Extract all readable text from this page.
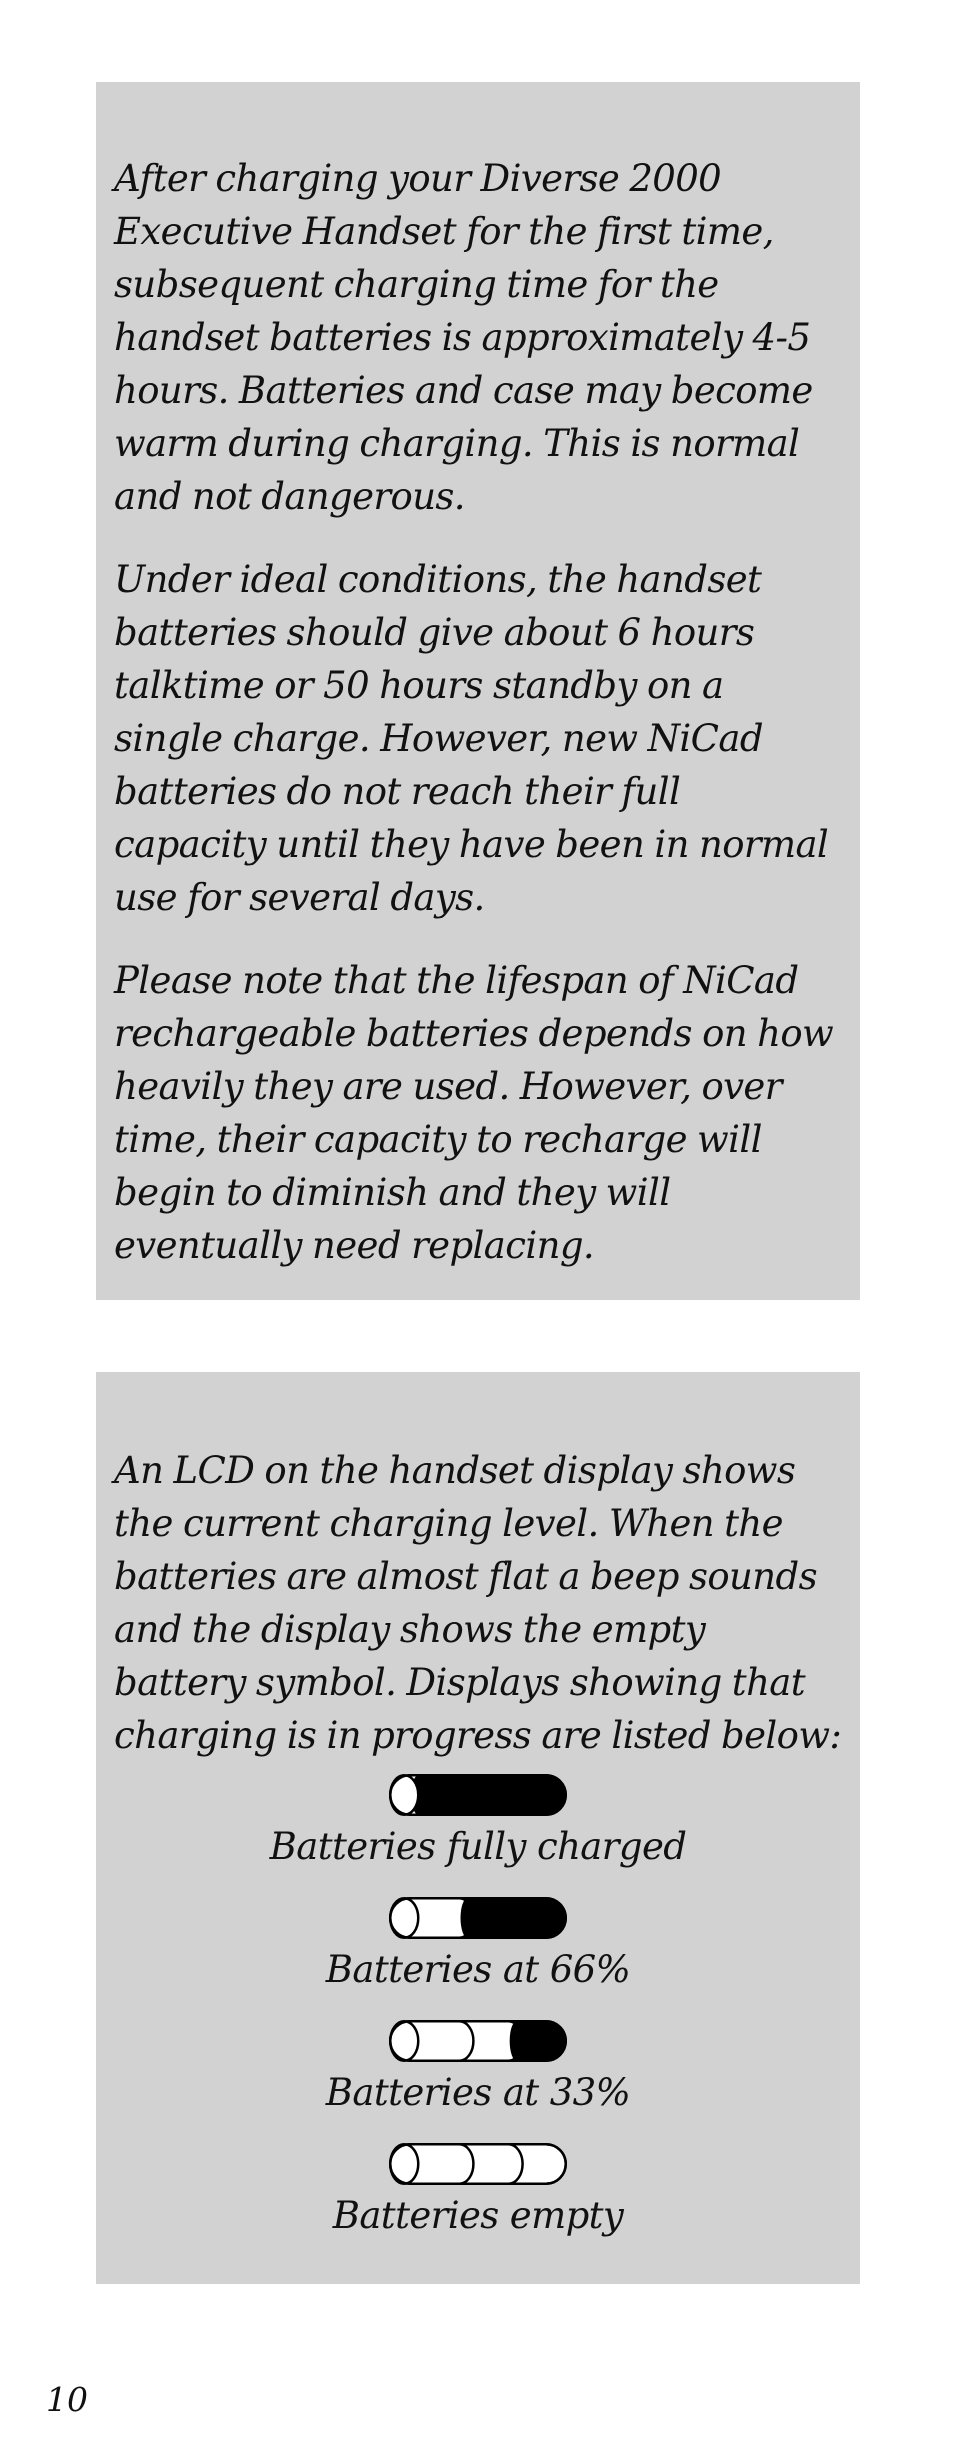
After charging your Diverse 2000 Executive Handset for the first time, subsequent charging time for the handset batteries is approximately 4-5 hours. Batteries and case may become warm during charging. This is normal and not dangerous.

Under ideal conditions, the handset batteries should give about 6 hours talktime or 50 hours standby on a single charge. However, new NiCad batteries do not reach their full capacity until they have been in normal use for several days.

Please note that the lifespan of NiCad rechargeable batteries depends on how heavily they are used. However, over time, their capacity to recharge will begin to diminish and they will eventually need replacing.

An LCD on the handset display shows the current charging level. When the batteries are almost flat a beep sounds and the display shows the empty battery symbol. Displays showing that charging is in progress are listed below:

Batteries fully charged
Batteries at 66%
Batteries at 33%
Batteries empty
10
